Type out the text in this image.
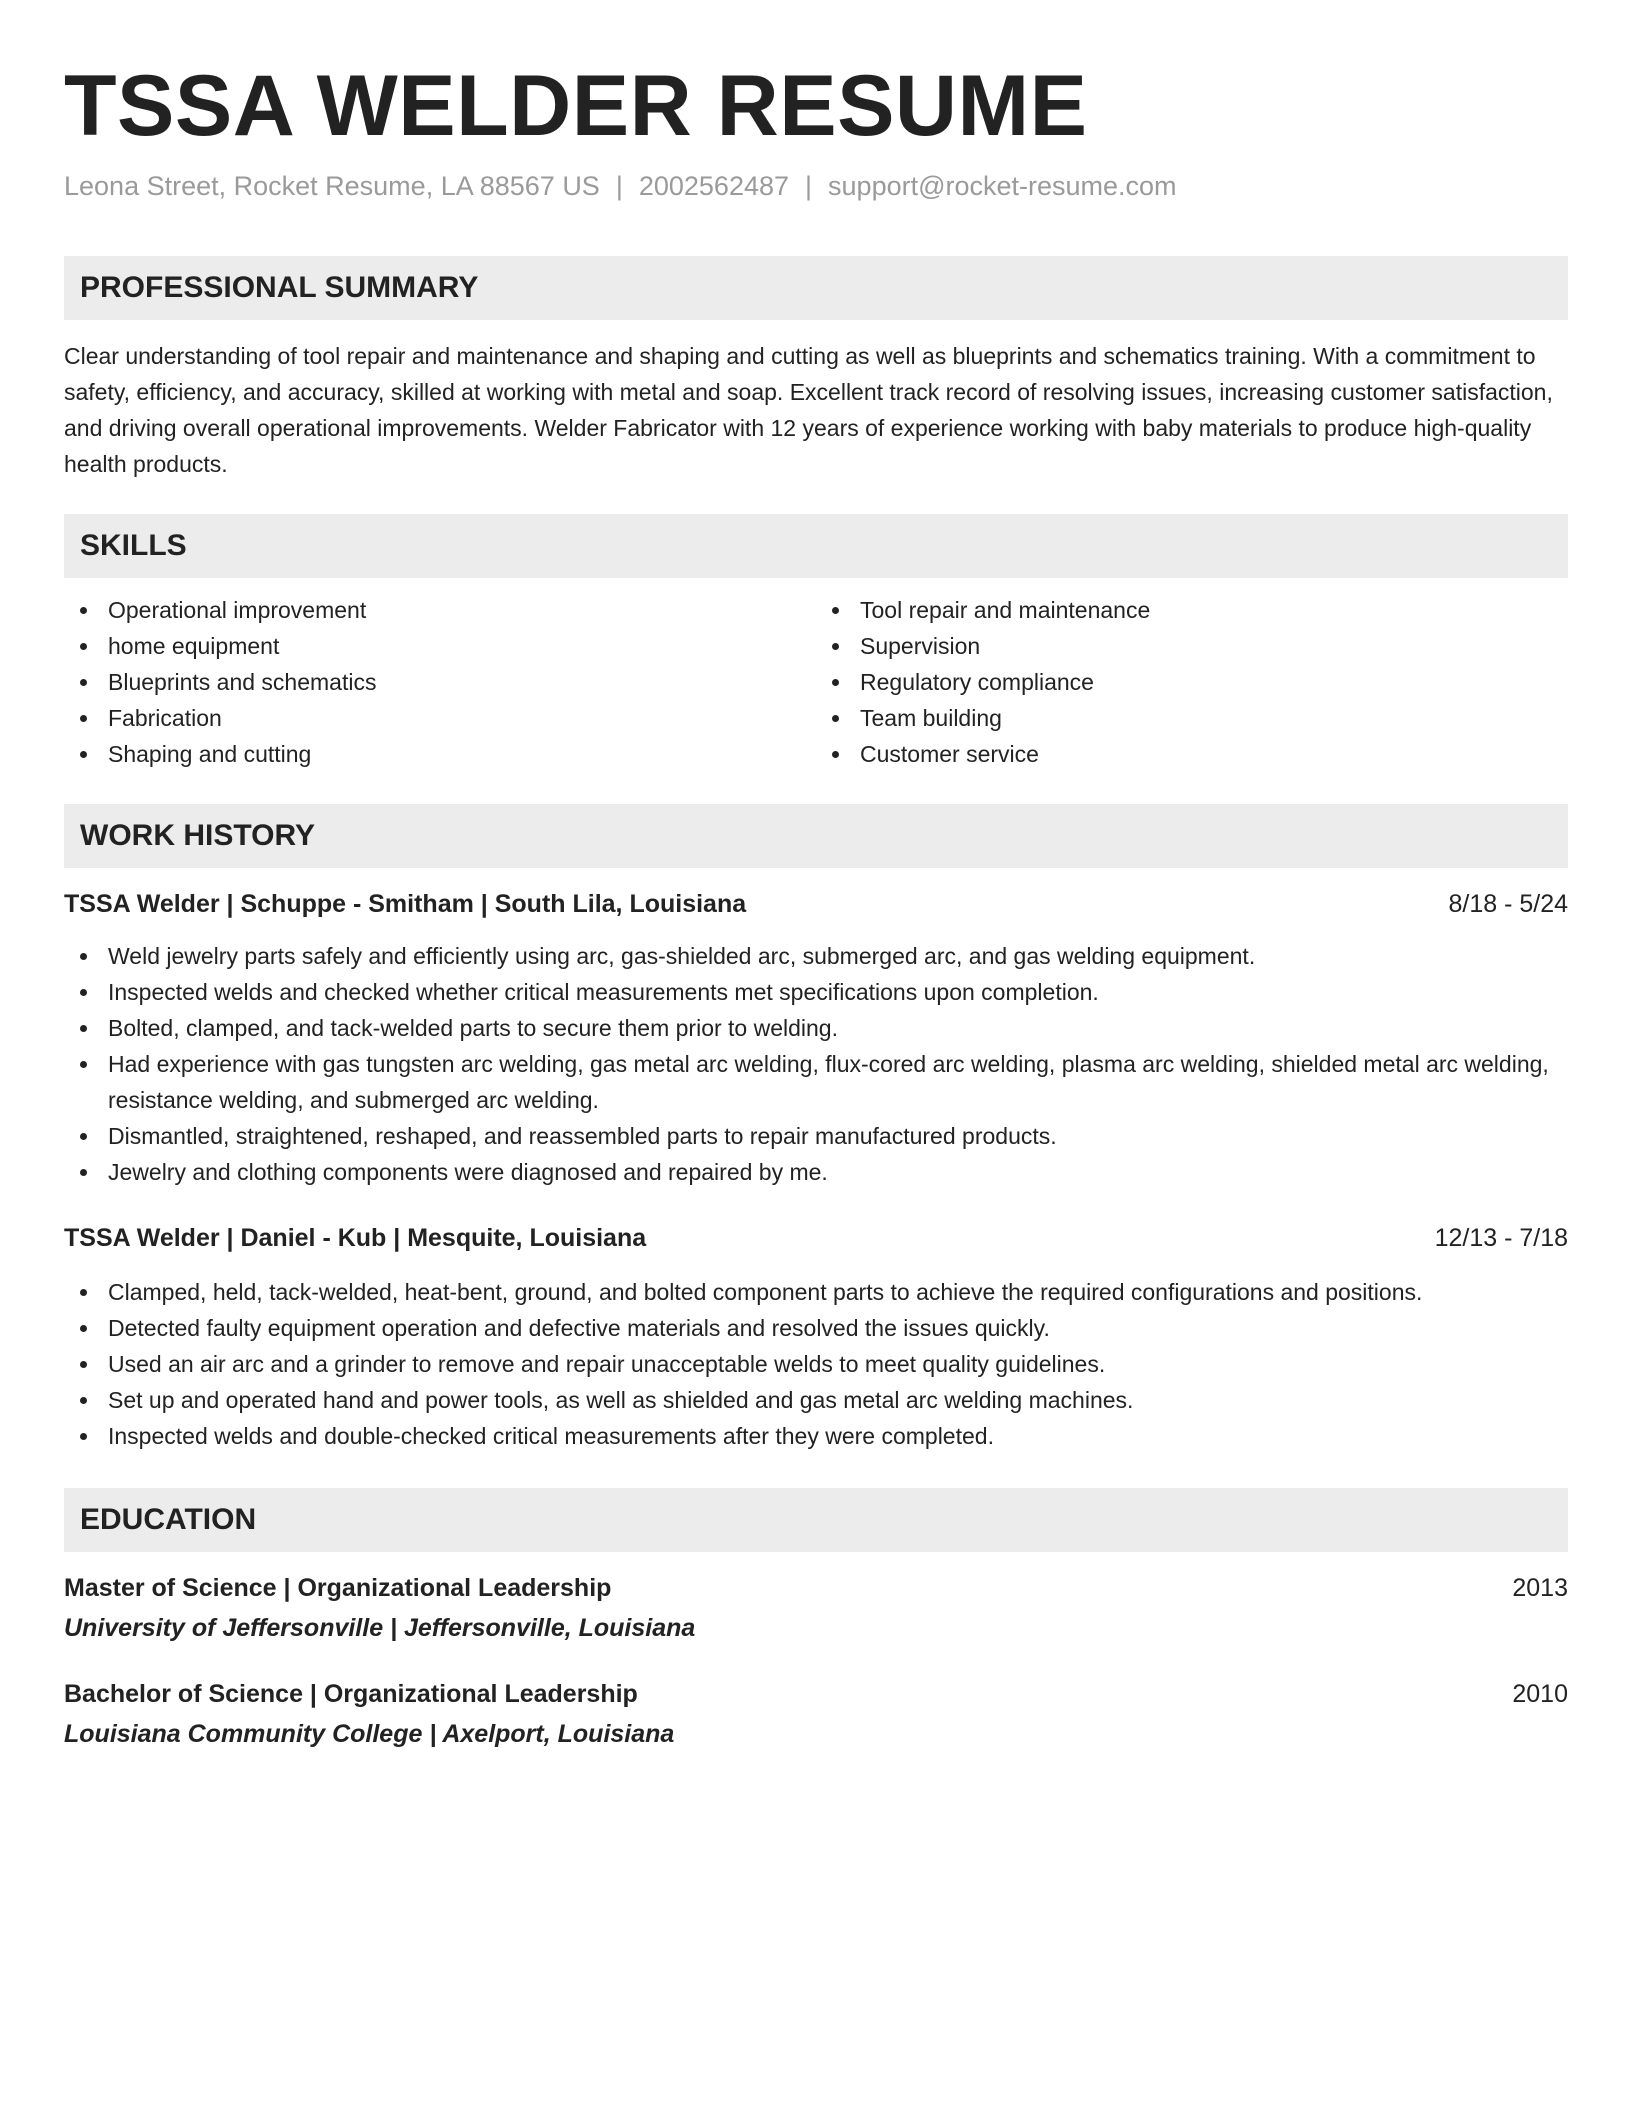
TSSA WELDER RESUME
Leona Street, Rocket Resume, LA 88567 US | 2002562487 | support@rocket-resume.com
PROFESSIONAL SUMMARY
Clear understanding of tool repair and maintenance and shaping and cutting as well as blueprints and schematics training. With a commitment to safety, efficiency, and accuracy, skilled at working with metal and soap. Excellent track record of resolving issues, increasing customer satisfaction, and driving overall operational improvements. Welder Fabricator with 12 years of experience working with baby materials to produce high-quality health products.
SKILLS
Operational improvement
home equipment
Blueprints and schematics
Fabrication
Shaping and cutting
Tool repair and maintenance
Supervision
Regulatory compliance
Team building
Customer service
WORK HISTORY
TSSA Welder | Schuppe - Smitham | South Lila, Louisiana	8/18 - 5/24
Weld jewelry parts safely and efficiently using arc, gas-shielded arc, submerged arc, and gas welding equipment.
Inspected welds and checked whether critical measurements met specifications upon completion.
Bolted, clamped, and tack-welded parts to secure them prior to welding.
Had experience with gas tungsten arc welding, gas metal arc welding, flux-cored arc welding, plasma arc welding, shielded metal arc welding, resistance welding, and submerged arc welding.
Dismantled, straightened, reshaped, and reassembled parts to repair manufactured products.
Jewelry and clothing components were diagnosed and repaired by me.
TSSA Welder | Daniel - Kub | Mesquite, Louisiana	12/13 - 7/18
Clamped, held, tack-welded, heat-bent, ground, and bolted component parts to achieve the required configurations and positions.
Detected faulty equipment operation and defective materials and resolved the issues quickly.
Used an air arc and a grinder to remove and repair unacceptable welds to meet quality guidelines.
Set up and operated hand and power tools, as well as shielded and gas metal arc welding machines.
Inspected welds and double-checked critical measurements after they were completed.
EDUCATION
Master of Science | Organizational Leadership	2013
University of Jeffersonville | Jeffersonville, Louisiana
Bachelor of Science | Organizational Leadership	2010
Louisiana Community College | Axelport, Louisiana
